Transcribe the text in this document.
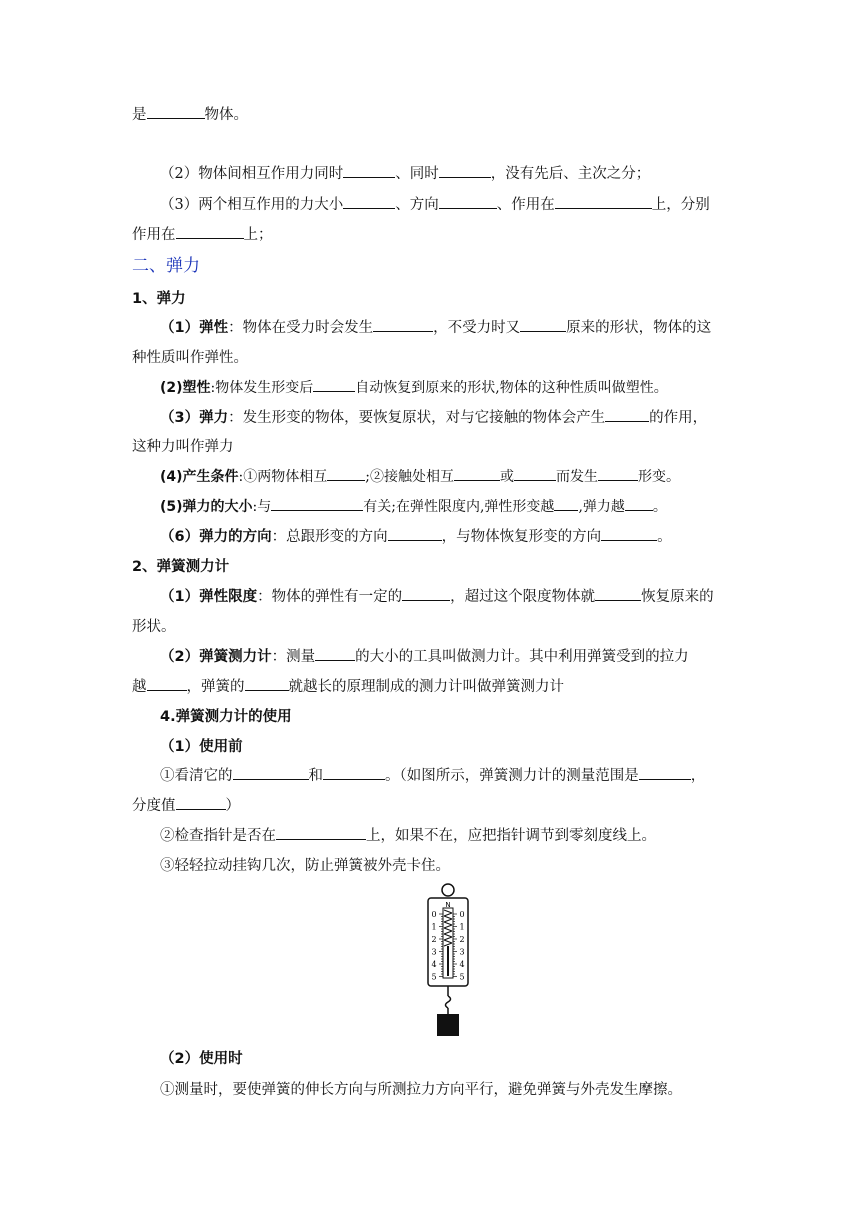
是	物体。
（2）物体间相互作用力同时	、同时	，没有先后、主次之分；
（3）两个相互作用的力大小	、方向	、作用在	上，分别
作用在	上；
二、弹力
1、弹力
（1）弹性：物体在受力时会发生	，不受力时又	原来的形状，物体的这
种性质叫作弹性。
(2)塑性:物体发生形变后	自动恢复到原来的形状,物体的这种性质叫做塑性。
（3）弹力：发生形变的物体，要恢复原状，对与它接触的物体会产生	的作用，
这种力叫作弹力
(4)产生条件:①两物体相互	;②接触处相互	或	而发生	形变。
(5)弹力的大小:与	有关;在弹性限度内,弹性形变越 ,弹力越 。
（6）弹力的方向：总跟形变的方向	，与物体恢复形变的方向	。
2、弹簧测力计
（1）弹性限度：物体的弹性有一定的	，超过这个限度物体就	恢复原来的
形状。
（2）弹簧测力计：测量	的大小的工具叫做测力计。其中利用弹簧受到的拉力
越	，弹簧的	就越长的原理制成的测力计叫做弹簧测力计
4.弹簧测力计的使用
（1）使用前
①看清它的	和	。（如图所示，弹簧测力计的测量范围是	，
分度值	）
②检查指针是否在	上，如果不在，应把指针调节到零刻度线上。
③轻轻拉动挂钩几次，防止弹簧被外壳卡住。
N
0	0
1	1
2	2
3	3
4	4
5	5
（2）使用时
①测量时，要使弹簧的伸长方向与所测拉力方向平行，避免弹簧与外壳发生摩擦。
